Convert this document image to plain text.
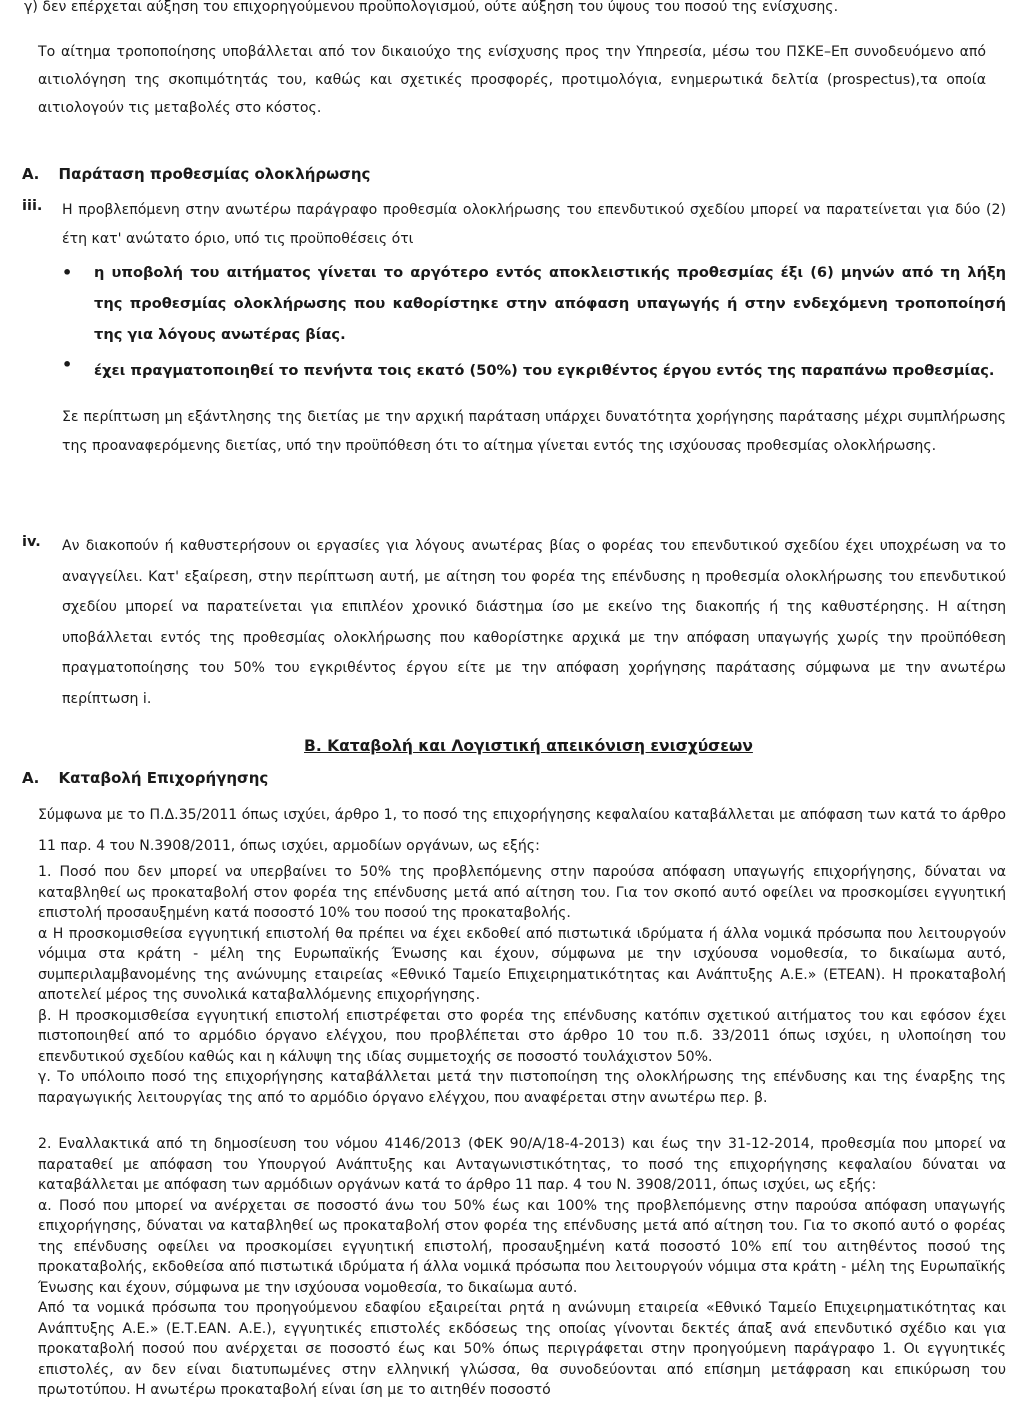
γ) δεν επέρχεται αύξηση του επιχορηγούμενου προϋπολογισμού, ούτε αύξηση του ύψους του ποσού της ενίσχυσης.

Το αίτημα τροποποίησης υποβάλλεται από τον δικαιούχο της ενίσχυσης προς την Υπηρεσία, μέσω του ΠΣΚΕ–Επ συνοδευόμενο από αιτιολόγηση της σκοπιμότητάς του, καθώς και σχετικές προσφορές, προτιμολόγια, ενημερωτικά δελτία (prospectus),τα οποία αιτιολογούν τις μεταβολές στο κόστος.

Α. Παράταση προθεσμίας ολοκλήρωσης
iii. Η προβλεπόμενη στην ανωτέρω παράγραφο προθεσμία ολοκλήρωσης του επενδυτικού σχεδίου μπορεί να παρατείνεται για δύο (2) έτη κατ' ανώτατο όριο, υπό τις προϋποθέσεις ότι

• η υποβολή του αιτήματος γίνεται το αργότερο εντός αποκλειστικής προθεσμίας έξι (6) μηνών από τη λήξη της προθεσμίας ολοκλήρωσης που καθορίστηκε στην απόφαση υπαγωγής ή στην ενδεχόμενη τροποποίησή της για λόγους ανωτέρας βίας.
• έχει πραγματοποιηθεί το πενήντα τοις εκατό (50%) του εγκριθέντος έργου εντός της παραπάνω προθεσμίας.

Σε περίπτωση μη εξάντλησης της διετίας με την αρχική παράταση υπάρχει δυνατότητα χορήγησης παράτασης μέχρι συμπλήρωσης της προαναφερόμενης διετίας, υπό την προϋπόθεση ότι το αίτημα γίνεται εντός της ισχύουσας προθεσμίας ολοκλήρωσης.

iv. Αν διακοπούν ή καθυστερήσουν οι εργασίες για λόγους ανωτέρας βίας ο φορέας του επενδυτικού σχεδίου έχει υποχρέωση να το αναγγείλει. Κατ' εξαίρεση, στην περίπτωση αυτή, με αίτηση του φορέα της επένδυσης η προθεσμία ολοκλήρωσης του επενδυτικού σχεδίου μπορεί να παρατείνεται για επιπλέον χρονικό διάστημα ίσο με εκείνο της διακοπής ή της καθυστέρησης. Η αίτηση υποβάλλεται εντός της προθεσμίας ολοκλήρωσης που καθορίστηκε αρχικά με την απόφαση υπαγωγής χωρίς την προϋπόθεση πραγματοποίησης του 50% του εγκριθέντος έργου είτε με την απόφαση χορήγησης παράτασης σύμφωνα με την ανωτέρω περίπτωση i.

Β. Καταβολή και Λογιστική απεικόνιση ενισχύσεων
Α. Καταβολή Επιχορήγησης

Σύμφωνα με το Π.Δ.35/2011 όπως ισχύει, άρθρο 1, το ποσό της επιχορήγησης κεφαλαίου καταβάλλεται με απόφαση των κατά το άρθρο 11 παρ. 4 του Ν.3908/2011, όπως ισχύει, αρμοδίων οργάνων, ως εξής:

1. Ποσό που δεν μπορεί να υπερβαίνει το 50% της προβλεπόμενης στην παρούσα απόφαση υπαγωγής επιχορήγησης, δύναται να καταβληθεί ως προκαταβολή στον φορέα της επένδυσης μετά από αίτηση του. Για τον σκοπό αυτό οφείλει να προσκομίσει εγγυητική επιστολή προσαυξημένη κατά ποσοστό 10% του ποσού της προκαταβολής.

α Η προσκομισθείσα εγγυητική επιστολή θα πρέπει να έχει εκδοθεί από πιστωτικά ιδρύματα ή άλλα νομικά πρόσωπα που λειτουργούν νόμιμα στα κράτη - μέλη της Ευρωπαϊκής Ένωσης και έχουν, σύμφωνα με την ισχύουσα νομοθεσία, το δικαίωμα αυτό, συμπεριλαμβανομένης της ανώνυμης εταιρείας «Εθνικό Ταμείο Επιχειρηματικότητας και Ανάπτυξης Α.Ε.» (ΕΤΕΑΝ). Η προκαταβολή αποτελεί μέρος της συνολικά καταβαλλόμενης επιχορήγησης.

β. Η προσκομισθείσα εγγυητική επιστολή επιστρέφεται στο φορέα της επένδυσης κατόπιν σχετικού αιτήματος του και εφόσον έχει πιστοποιηθεί από το αρμόδιο όργανο ελέγχου, που προβλέπεται στο άρθρο 10 του π.δ. 33/2011 όπως ισχύει, η υλοποίηση του επενδυτικού σχεδίου καθώς και η κάλυψη της ιδίας συμμετοχής σε ποσοστό τουλάχιστον 50%.

γ. Το υπόλοιπο ποσό της επιχορήγησης καταβάλλεται μετά την πιστοποίηση της ολοκλήρωσης της επένδυσης και της έναρξης της παραγωγικής λειτουργίας της από το αρμόδιο όργανο ελέγχου, που αναφέρεται στην ανωτέρω περ. β.

2. Εναλλακτικά από τη δημοσίευση του νόμου 4146/2013 (ΦΕΚ 90/Α/18-4-2013) και έως την 31-12-2014, προθεσμία που μπορεί να παραταθεί με απόφαση του Υπουργού Ανάπτυξης και Ανταγωνιστικότητας, το ποσό της επιχορήγησης κεφαλαίου δύναται να καταβάλλεται με απόφαση των αρμόδιων οργάνων κατά το άρθρο 11 παρ. 4 του Ν. 3908/2011, όπως ισχύει, ως εξής:

α. Ποσό που μπορεί να ανέρχεται σε ποσοστό άνω του 50% έως και 100% της προβλεπόμενης στην παρούσα απόφαση υπαγωγής επιχορήγησης, δύναται να καταβληθεί ως προκαταβολή στον φορέα της επένδυσης μετά από αίτηση του. Για το σκοπό αυτό ο φορέας της επένδυσης οφείλει να προσκομίσει εγγυητική επιστολή, προσαυξημένη κατά ποσοστό 10% επί του αιτηθέντος ποσού της προκαταβολής, εκδοθείσα από πιστωτικά ιδρύματα ή άλλα νομικά πρόσωπα που λειτουργούν νόμιμα στα κράτη - μέλη της Ευρωπαϊκής Ένωσης και έχουν, σύμφωνα με την ισχύουσα νομοθεσία, το δικαίωμα αυτό.

Από τα νομικά πρόσωπα του προηγούμενου εδαφίου εξαιρείται ρητά η ανώνυμη εταιρεία «Εθνικό Ταμείο Επιχειρηματικότητας και Ανάπτυξης Α.Ε.» (Ε.Τ.ΕΑΝ. Α.Ε.), εγγυητικές επιστολές εκδόσεως της οποίας γίνονται δεκτές άπαξ ανά επενδυτικό σχέδιο και για προκαταβολή ποσού που ανέρχεται σε ποσοστό έως και 50% όπως περιγράφεται στην προηγούμενη παράγραφο 1. Οι εγγυητικές επιστολές, αν δεν είναι διατυπωμένες στην ελληνική γλώσσα, θα συνοδεύονται από επίσημη μετάφραση και επικύρωση του πρωτοτύπου. Η ανωτέρω προκαταβολή είναι ίση με το αιτηθέν ποσοστό
